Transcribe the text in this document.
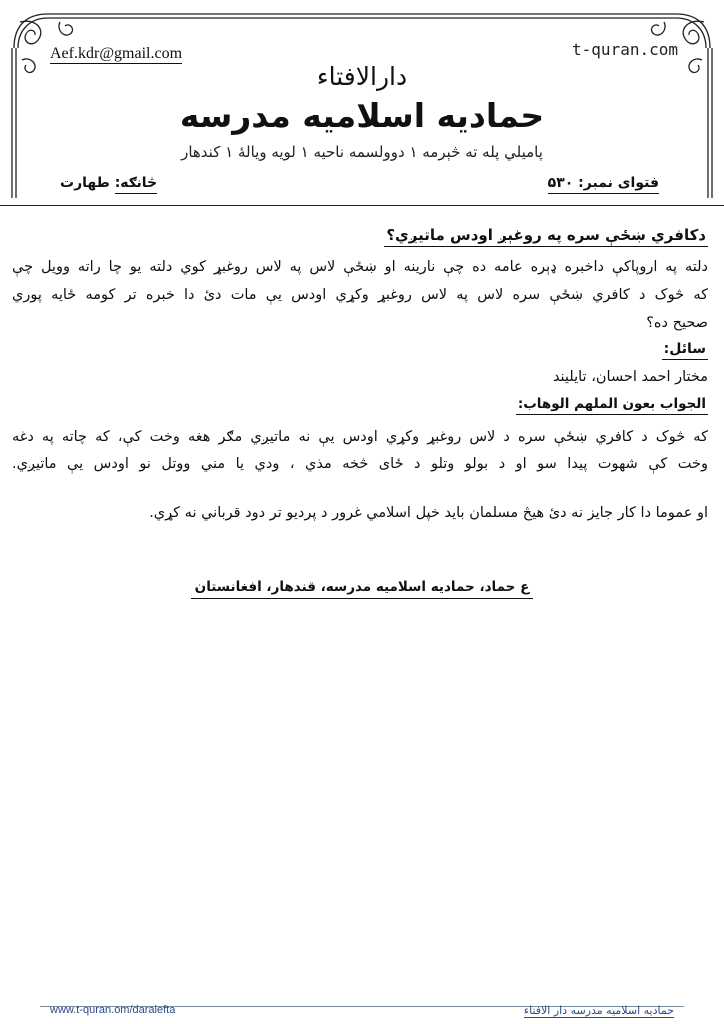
Aef.kdr@gmail.com	t-quran.com
دارالافتاء
حمادیه اسلامیه مدرسه
پاميلي پله ته څېرمه ۱ دوولسمه ناحيه ۱ لويه ويالهٔ ۱ كندهار
فتوای نمبر: ۵۳۰
څانګه: طهارت
دكافري ښځې سره په روغېږ اودس ماتيږي؟
دلته په اروپاکې داخبره ډېره عامه ده چې نارينه او ښځې لاس په لاس روغبړ کوي دلته يو چا راته وويل چې
که څوک د کافري ښځې سره لاس په لاس روغبړ وکړي اودس يې مات دئ دا خبره تر کومه ځايه پوري
صحيح ده؟
سائل:
مختار احمد احسان، تايليند
الجواب بعون الملهم الوهاب:
که څوک د کافري ښځې سره د لاس روغبړ وکړي اودس يې نه ماتيږي مګر هغه وخت کې، که چاته په دغه
وخت کې شهوت پيدا سو او د بولو وتلو د ځای څخه مذي ، ودي يا مني ووتل نو اودس يې ماتيږي.
او عموما دا کار جايز نه دئ هيڅ مسلمان بايد خپل اسلامي غرور د پرديو تر دود قرباني نه کړي.
ع حماد، حمادیه اسلامیه مدرسه، قندهار، افغانستان
www.t-quran.om/daralefta	حمادیه اسلامیه مدرسه دار الافتاء
